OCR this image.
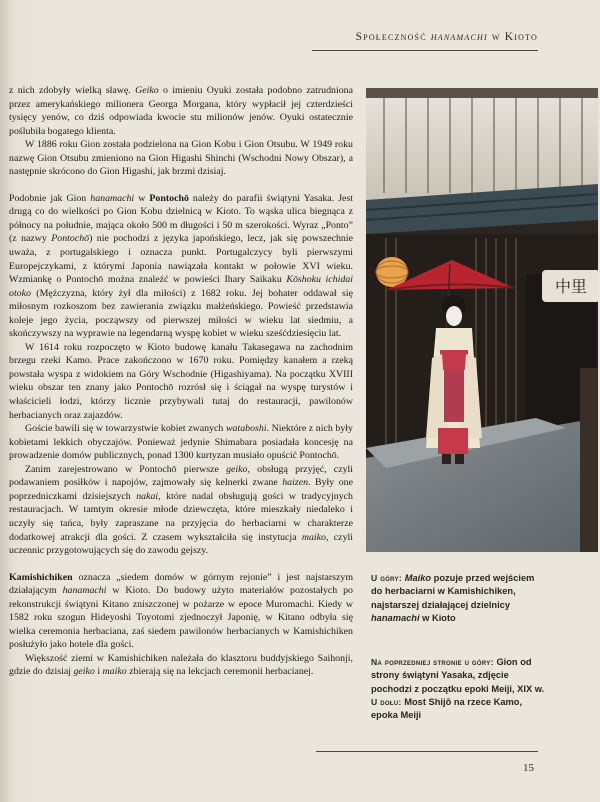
Społeczność hanamachi w Kioto

z nich zdobyły wielką sławę. Geiko o imieniu Oyuki została podobno zatrudniona przez amerykańskiego milionera Georga Morgana, który wypłacił jej czterdzieści tysięcy yenów, co dziś odpowiada kwocie stu milionów jenów. Oyuki ostatecznie poślubiła bogatego klienta.

W 1886 roku Gion została podzielona na Gion Kobu i Gion Otsubu. W 1949 roku nazwę Gion Otsubu zmieniono na Gion Higashi Shinchi (Wschodni Nowy Obszar), a następnie skrócono do Gion Higashi, jak brzmi dzisiaj.

Podobnie jak Gion hanamachi w Pontochō należy do parafii świątyni Yasaka. Jest drugą co do wielkości po Gion Kobu dzielnicą w Kioto. To wąska ulica biegnąca z północy na południe, mająca około 500 m długości i 50 m szerokości. Wyraz „Ponto” (z nazwy Pontochō) nie pochodzi z języka japońskiego, lecz, jak się powszechnie uważa, z portugalskiego i oznacza punkt. Portugalczycy byli pierwszymi Europejczykami, z którymi Japonia nawiązała kontakt w połowie XVI wieku. Wzmiankę o Pontochō można znaleźć w powieści Ihary Saikaku Kōshoku ichidai otoko (Mężczyzna, który żył dla miłości) z 1682 roku. Jej bohater oddawał się miłosnym rozkoszom bez zawierania związku małżeńskiego. Powieść przedstawia koleje jego życia, począwszy od pierwszej miłości w wieku lat siedmiu, a skończywszy na wyprawie na legendarną wyspę kobiet w wieku sześćdziesięciu lat.

W 1614 roku rozpoczęto w Kioto budowę kanału Takasegawa na zachodnim brzegu rzeki Kamo. Prace zakończono w 1670 roku. Pomiędzy kanałem a rzeką powstała wyspa z widokiem na Góry Wschodnie (Higashiyama). Na początku XVIII wieku obszar ten znany jako Pontochō rozrósł się i ściągał na wyspę turystów i właścicieli łodzi, którzy licznie przybywali tutaj do restauracji, pawilonów herbacianych oraz zajazdów.

Goście bawili się w towarzystwie kobiet zwanych wataboshi. Niektóre z nich były kobietami lekkich obyczajów. Ponieważ jedynie Shimabara posiadała koncesję na prowadzenie domów publicznych, ponad 1300 kurtyzan musiało opuścić Pontochō.

Zanim zarejestrowano w Pontochō pierwsze geiko, obsługą przyjęć, czyli podawaniem posiłków i napojów, zajmowały się kelnerki zwane haizen. Były one poprzedniczkami dzisiejszych nakai, które nadal obsługują gości w tradycyjnych restauracjach. W tamtym okresie młode dziewczęta, które mieszkały niedaleko i uczyły się tańca, były zapraszane na przyjęcia do herbaciarni w charakterze dodatkowej atrakcji dla gości. Z czasem wykształciła się instytucja maiko, czyli uczennic przygotowujących się do zawodu gejszy.

Kamishichiken oznacza „siedem domów w górnym rejonie” i jest najstarszym działającym hanamachi w Kioto. Do budowy użyto materiałów pozostałych po rekonstrukcji świątyni Kitano zniszczonej w pożarze w epoce Muromachi. Kiedy w 1582 roku szogun Hideyoshi Toyotomi zjednoczył Japonię, w Kitano odbyła się wielka ceremonia herbaciana, zaś siedem pawilonów herbacianych w Kamishichiken posłużyło jako hotele dla gości.

Większość ziemi w Kamishichiken należała do klasztoru buddyjskiego Saihonji, gdzie do dzisiaj geiko i maiko zbierają się na lekcjach ceremonii herbacianej.

中里
U góry: Maiko pozuje przed wejściem do herbaciarni w Kamishichiken, najstarszej działającej dzielnicy hanamachi w Kioto
Na poprzedniej stronie u góry: Gion od strony świątyni Yasaka, zdjęcie pochodzi z początku epoki Meiji, XIX w.
U dołu: Most Shijō na rzece Kamo, epoka Meiji
15
